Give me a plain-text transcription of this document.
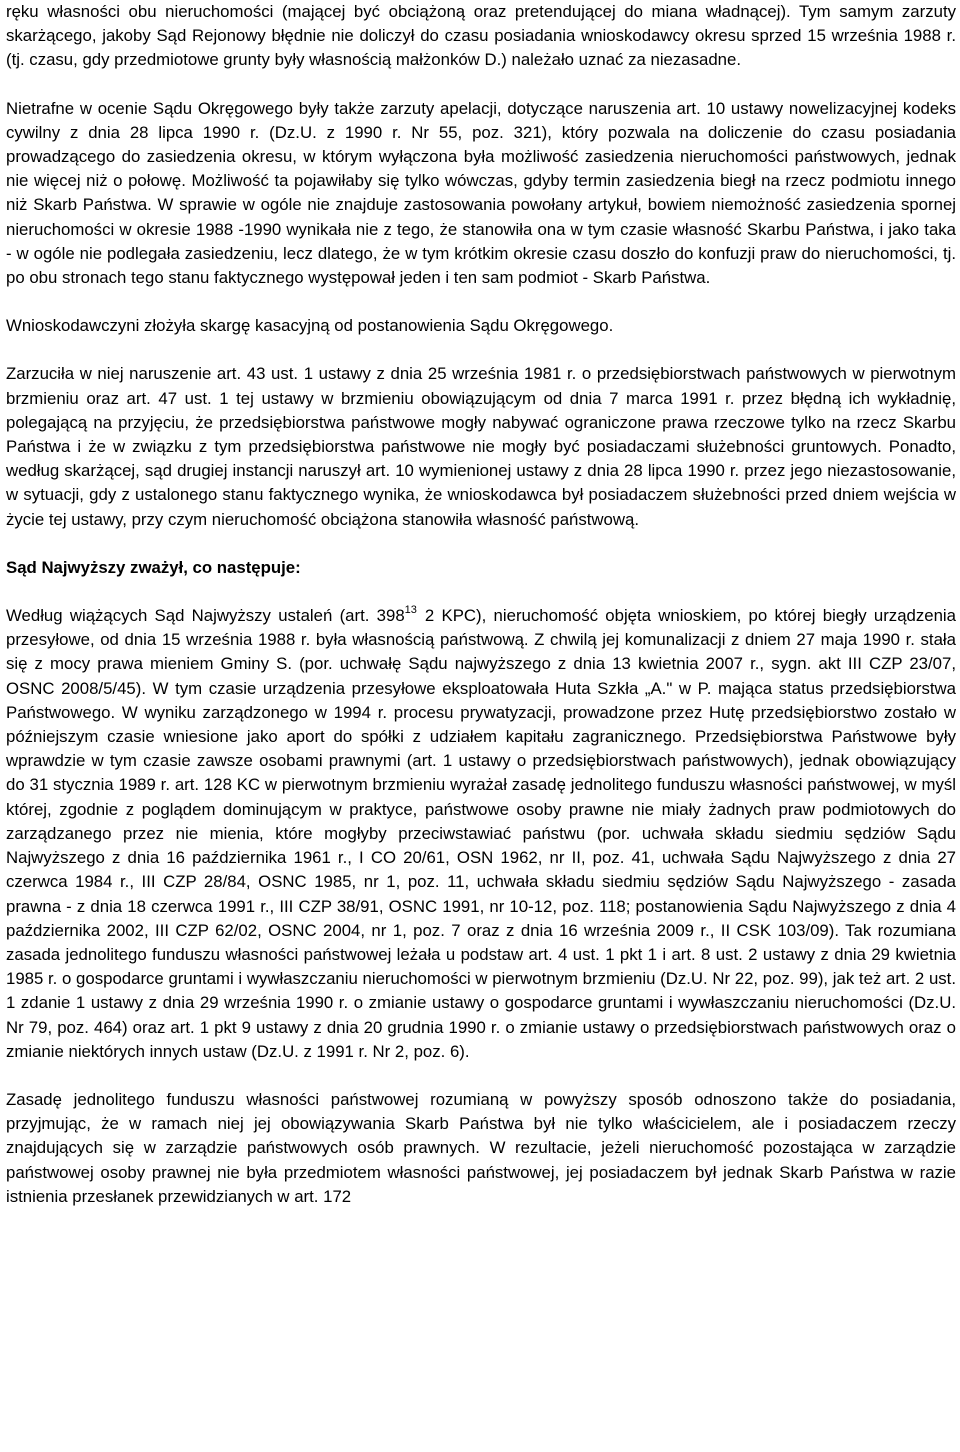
ręku własności obu nieruchomości (mającej być obciążoną oraz pretendującej do miana władnącej). Tym samym zarzuty skarżącego, jakoby Sąd Rejonowy błędnie nie doliczył do czasu posiadania wnioskodawcy okresu sprzed 15 września 1988 r. (tj. czasu, gdy przedmiotowe grunty były własnością małżonków D.) należało uznać za niezasadne.

Nietrafne w ocenie Sądu Okręgowego były także zarzuty apelacji, dotyczące naruszenia art. 10 ustawy nowelizacyjnej kodeks cywilny z dnia 28 lipca 1990 r. (Dz.U. z 1990 r. Nr 55, poz. 321), który pozwala na doliczenie do czasu posiadania prowadzącego do zasiedzenia okresu, w którym wyłączona była możliwość zasiedzenia nieruchomości państwowych, jednak nie więcej niż o połowę. Możliwość ta pojawiłaby się tylko wówczas, gdyby termin zasiedzenia biegł na rzecz podmiotu innego niż Skarb Państwa. W sprawie w ogóle nie znajduje zastosowania powołany artykuł, bowiem niemożność zasiedzenia spornej nieruchomości w okresie 1988 -1990 wynikała nie z tego, że stanowiła ona w tym czasie własność Skarbu Państwa, i jako taka - w ogóle nie podlegała zasiedzeniu, lecz dlatego, że w tym krótkim okresie czasu doszło do konfuzji praw do nieruchomości, tj. po obu stronach tego stanu faktycznego występował jeden i ten sam podmiot - Skarb Państwa.

Wnioskodawczyni złożyła skargę kasacyjną od postanowienia Sądu Okręgowego.

Zarzuciła w niej naruszenie art. 43 ust. 1 ustawy z dnia 25 września 1981 r. o przedsiębiorstwach państwowych w pierwotnym brzmieniu oraz art. 47 ust. 1 tej ustawy w brzmieniu obowiązującym od dnia 7 marca 1991 r. przez błędną ich wykładnię, polegającą na przyjęciu, że przedsiębiorstwa państwowe mogły nabywać ograniczone prawa rzeczowe tylko na rzecz Skarbu Państwa i że w związku z tym przedsiębiorstwa państwowe nie mogły być posiadaczami służebności gruntowych. Ponadto, według skarżącej, sąd drugiej instancji naruszył art. 10 wymienionej ustawy z dnia 28 lipca 1990 r. przez jego niezastosowanie, w sytuacji, gdy z ustalonego stanu faktycznego wynika, że wnioskodawca był posiadaczem służebności przed dniem wejścia w życie tej ustawy, przy czym nieruchomość obciążona stanowiła własność państwową.

Sąd Najwyższy zważył, co następuje:

Według wiążących Sąd Najwyższy ustaleń (art. $398^{13}$ 2 KPC), nieruchomość objęta wnioskiem, po której biegły urządzenia przesyłowe, od dnia 15 września 1988 r. była własnością państwową. Z chwilą jej komunalizacji z dniem 27 maja 1990 r. stała się z mocy prawa mieniem Gminy S. (por. uchwałę Sądu najwyższego z dnia 13 kwietnia 2007 r., sygn. akt III CZP 23/07, OSNC 2008/5/45). W tym czasie urządzenia przesyłowe eksploatowała Huta Szkła „A." w P. mająca status przedsiębiorstwa Państwowego. W wyniku zarządzonego w 1994 r. procesu prywatyzacji, prowadzone przez Hutę przedsiębiorstwo zostało w późniejszym czasie wniesione jako aport do spółki z udziałem kapitału zagranicznego. Przedsiębiorstwa Państwowe były wprawdzie w tym czasie zawsze osobami prawnymi (art. 1 ustawy o przedsiębiorstwach państwowych), jednak obowiązujący do 31 stycznia 1989 r. art. 128 KC w pierwotnym brzmieniu wyrażał zasadę jednolitego funduszu własności państwowej, w myśl której, zgodnie z poglądem dominującym w praktyce, państwowe osoby prawne nie miały żadnych praw podmiotowych do zarządzanego przez nie mienia, które mogłyby przeciwstawiać państwu (por. uchwała składu siedmiu sędziów Sądu Najwyższego z dnia 16 października 1961 r., I CO 20/61, OSN 1962, nr II, poz. 41, uchwała Sądu Najwyższego z dnia 27 czerwca 1984 r., III CZP 28/84, OSNC 1985, nr 1, poz. 11, uchwała składu siedmiu sędziów Sądu Najwyższego - zasada prawna - z dnia 18 czerwca 1991 r., III CZP 38/91, OSNC 1991, nr 10-12, poz. 118; postanowienia Sądu Najwyższego z dnia 4 października 2002, III CZP 62/02, OSNC 2004, nr 1, poz. 7 oraz z dnia 16 września 2009 r., II CSK 103/09). Tak rozumiana zasada jednolitego funduszu własności państwowej leżała u podstaw art. 4 ust. 1 pkt 1 i art. 8 ust. 2 ustawy z dnia 29 kwietnia 1985 r. o gospodarce gruntami i wywłaszczaniu nieruchomości w pierwotnym brzmieniu (Dz.U. Nr 22, poz. 99), jak też art. 2 ust. 1 zdanie 1 ustawy z dnia 29 września 1990 r. o zmianie ustawy o gospodarce gruntami i wywłaszczaniu nieruchomości (Dz.U. Nr 79, poz. 464) oraz art. 1 pkt 9 ustawy z dnia 20 grudnia 1990 r. o zmianie ustawy o przedsiębiorstwach państwowych oraz o zmianie niektórych innych ustaw (Dz.U. z 1991 r. Nr 2, poz. 6).

Zasadę jednolitego funduszu własności państwowej rozumianą w powyższy sposób odnoszono także do posiadania, przyjmując, że w ramach niej jej obowiązywania Skarb Państwa był nie tylko właścicielem, ale i posiadaczem rzeczy znajdujących się w zarządzie państwowych osób prawnych. W rezultacie, jeżeli nieruchomość pozostająca w zarządzie państwowej osoby prawnej nie była przedmiotem własności państwowej, jej posiadaczem był jednak Skarb Państwa w razie istnienia przesłanek przewidzianych w art. 172
